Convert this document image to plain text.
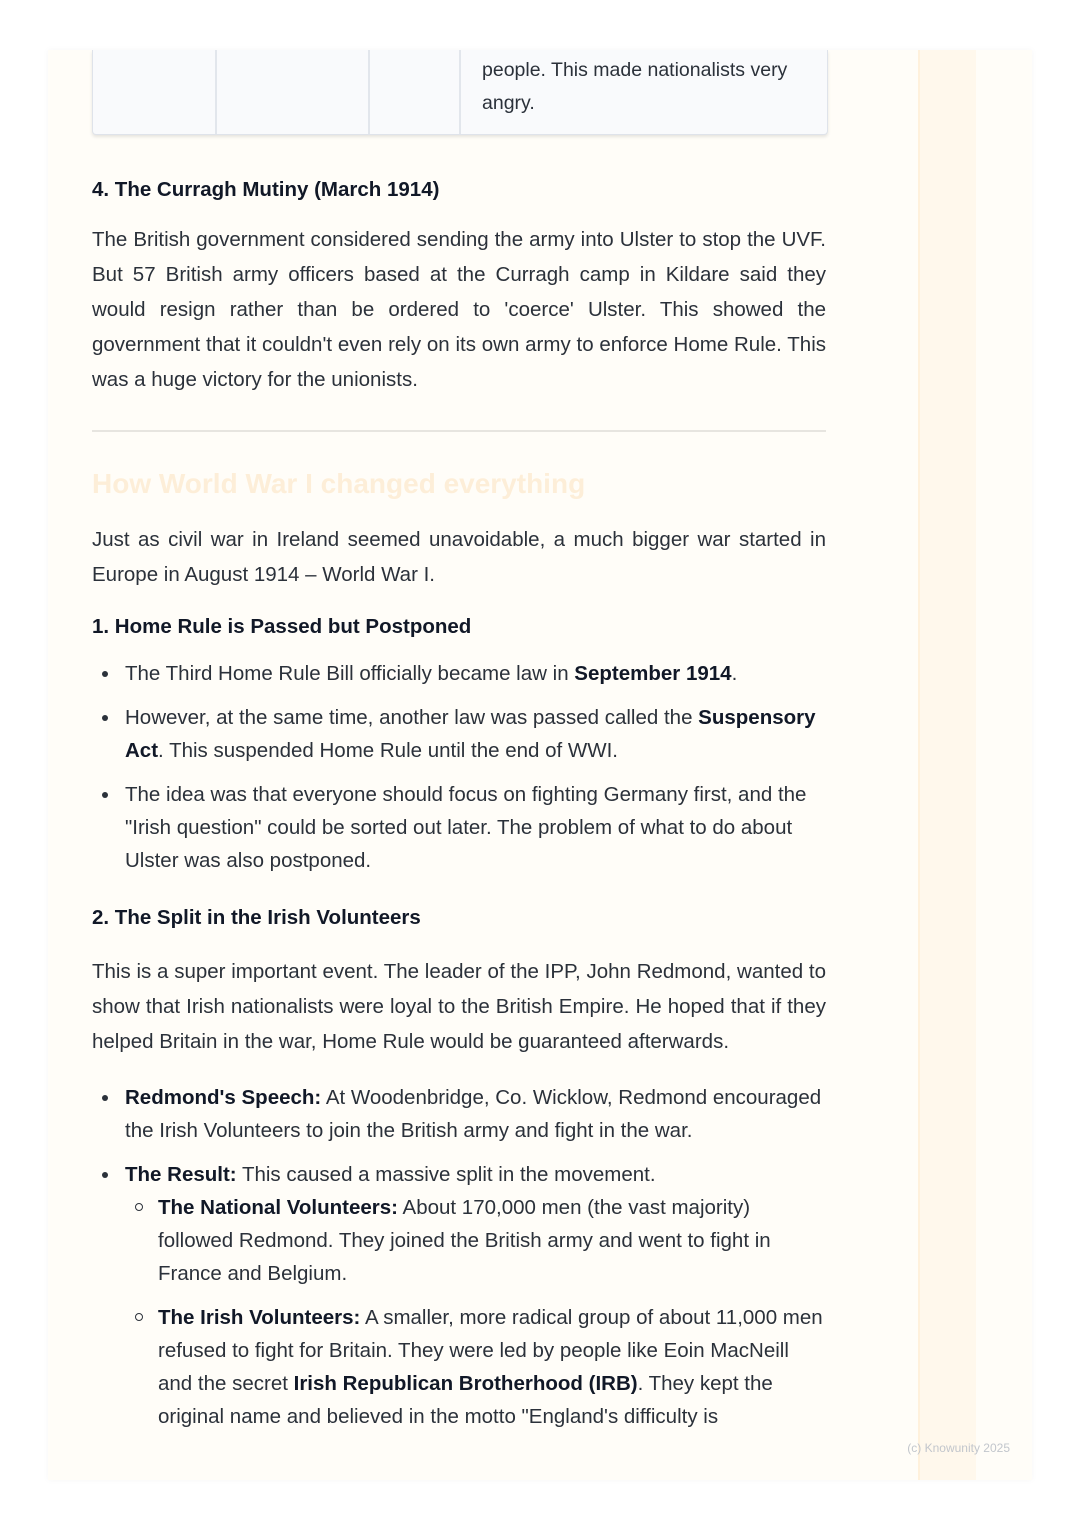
people. This made nationalists very angry.
4. The Curragh Mutiny (March 1914)

The British government considered sending the army into Ulster to stop the UVF. But 57 British army officers based at the Curragh camp in Kildare said they would resign rather than be ordered to 'coerce' Ulster. This showed the government that it couldn't even rely on its own army to enforce Home Rule. This was a huge victory for the unionists.

How World War I changed everything

Just as civil war in Ireland seemed unavoidable, a much bigger war started in Europe in August 1914 – World War I.

1. Home Rule is Passed but Postponed
The Third Home Rule Bill officially became law in September 1914.
However, at the same time, another law was passed called the Suspensory Act. This suspended Home Rule until the end of WWI.
The idea was that everyone should focus on fighting Germany first, and the "Irish question" could be sorted out later. The problem of what to do about Ulster was also postponed.
2. The Split in the Irish Volunteers

This is a super important event. The leader of the IPP, John Redmond, wanted to show that Irish nationalists were loyal to the British Empire. He hoped that if they helped Britain in the war, Home Rule would be guaranteed afterwards.

Redmond's Speech: At Woodenbridge, Co. Wicklow, Redmond encouraged the Irish Volunteers to join the British army and fight in the war.
The Result: This caused a massive split in the movement.
The National Volunteers: About 170,000 men (the vast majority) followed Redmond. They joined the British army and went to fight in France and Belgium.
The Irish Volunteers: A smaller, more radical group of about 11,000 men refused to fight for Britain. They were led by people like Eoin MacNeill and the secret Irish Republican Brotherhood (IRB). They kept the original name and believed in the motto "England's difficulty is
(c) Knowunity 2025
